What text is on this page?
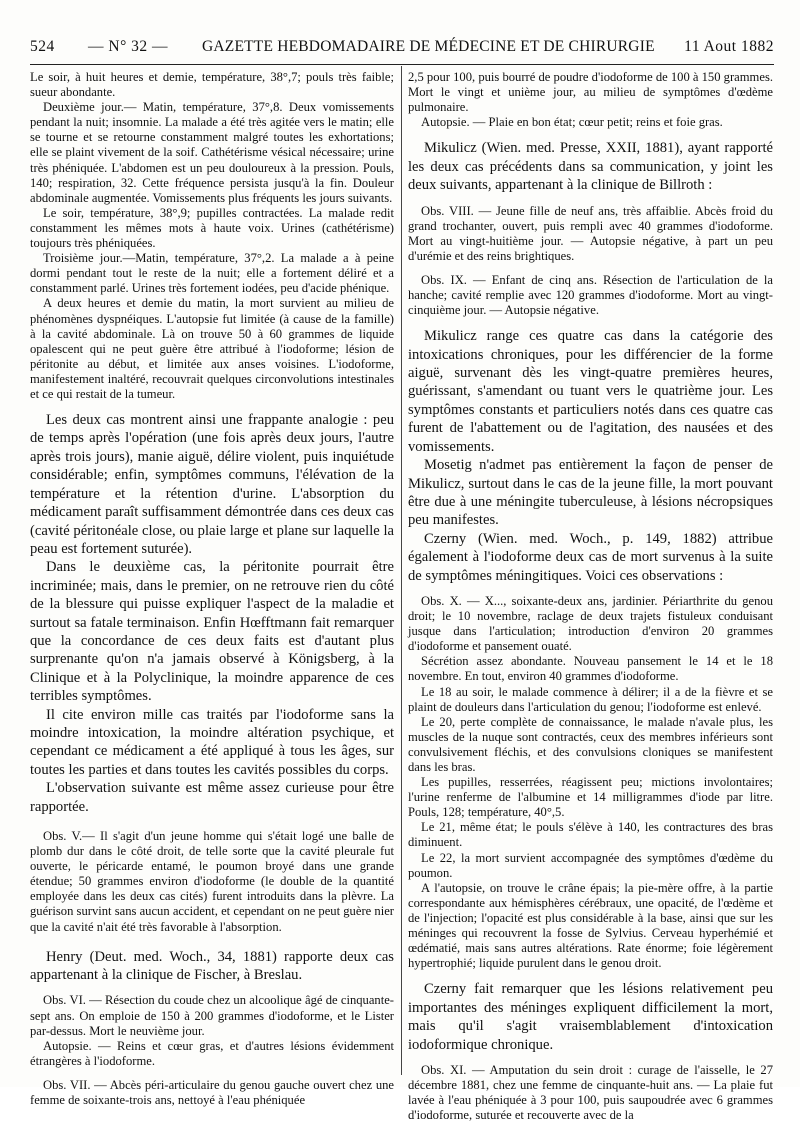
524 — N° 32 — GAZETTE HEBDOMADAIRE DE MÉDECINE ET DE CHIRURGIE 11 Aout 1882

Le soir, à huit heures et demie, température, 38°,7; pouls très faible; sueur abondante.

Deuxième jour.— Matin, température, 37°,8. Deux vomissements pendant la nuit; insomnie. La malade a été très agitée vers le matin; elle se tourne et se retourne constamment malgré toutes les exhortations; elle se plaint vivement de la soif. Cathétérisme vésical nécessaire; urine très phéniquée. L'abdomen est un peu douloureux à la pression. Pouls, 140; respiration, 32. Cette fréquence persista jusqu'à la fin. Douleur abdominale augmentée. Vomissements plus fréquents les jours suivants.

Le soir, température, 38°,9; pupilles contractées. La malade redit constamment les mêmes mots à haute voix. Urines (cathétérisme) toujours très phéniquées.

Troisième jour.—Matin, température, 37°,2. La malade a à peine dormi pendant tout le reste de la nuit; elle a fortement déliré et a constamment parlé. Urines très fortement iodées, peu d'acide phénique.

A deux heures et demie du matin, la mort survient au milieu de phénomènes dyspnéiques. L'autopsie fut limitée (à cause de la famille) à la cavité abdominale. Là on trouve 50 à 60 grammes de liquide opalescent qui ne peut guère être attribué à l'iodoforme; lésion de péritonite au début, et limitée aux anses voisines. L'iodoforme, manifestement inaltéré, recouvrait quelques circonvolutions intestinales et ce qui restait de la tumeur.

Les deux cas montrent ainsi une frappante analogie : peu de temps après l'opération (une fois après deux jours, l'autre après trois jours), manie aiguë, délire violent, puis inquiétude considérable; enfin, symptômes communs, l'élévation de la température et la rétention d'urine. L'absorption du médicament paraît suffisamment démontrée dans ces deux cas (cavité péritonéale close, ou plaie large et plane sur laquelle la peau est fortement suturée).

Dans le deuxième cas, la péritonite pourrait être incriminée; mais, dans le premier, on ne retrouve rien du côté de la blessure qui puisse expliquer l'aspect de la maladie et surtout sa fatale terminaison. Enfin Hœfftmann fait remarquer que la concordance de ces deux faits est d'autant plus surprenante qu'on n'a jamais observé à Königsberg, à la Clinique et à la Polyclinique, la moindre apparence de ces terribles symptômes.

Il cite environ mille cas traités par l'iodoforme sans la moindre intoxication, la moindre altération psychique, et cependant ce médicament a été appliqué à tous les âges, sur toutes les parties et dans toutes les cavités possibles du corps.

L'observation suivante est même assez curieuse pour être rapportée.

Obs. V.— Il s'agit d'un jeune homme qui s'était logé une balle de plomb dur dans le côté droit, de telle sorte que la cavité pleurale fut ouverte, le péricarde entamé, le poumon broyé dans une grande étendue; 50 grammes environ d'iodoforme (le double de la quantité employée dans les deux cas cités) furent introduits dans la plèvre. La guérison survint sans aucun accident, et cependant on ne peut guère nier que la cavité n'ait été très favorable à l'absorption.

Henry (Deut. med. Woch., 34, 1881) rapporte deux cas appartenant à la clinique de Fischer, à Breslau.

Obs. VI. — Résection du coude chez un alcoolique âgé de cinquante-sept ans. On emploie de 150 à 200 grammes d'iodoforme, et le Lister par-dessus. Mort le neuvième jour.

Autopsie. — Reins et cœur gras, et d'autres lésions évidemment étrangères à l'iodoforme.

Obs. VII. — Abcès péri-articulaire du genou gauche ouvert chez une femme de soixante-trois ans, nettoyé à l'eau phéniquée

2,5 pour 100, puis bourré de poudre d'iodoforme de 100 à 150 grammes. Mort le vingt et unième jour, au milieu de symptômes d'œdème pulmonaire.

Autopsie. — Plaie en bon état; cœur petit; reins et foie gras.

Mikulicz (Wien. med. Presse, XXII, 1881), ayant rapporté les deux cas précédents dans sa communication, y joint les deux suivants, appartenant à la clinique de Billroth :

Obs. VIII. — Jeune fille de neuf ans, très affaiblie. Abcès froid du grand trochanter, ouvert, puis rempli avec 40 grammes d'iodoforme. Mort au vingt-huitième jour. — Autopsie négative, à part un peu d'urémie et des reins brightiques.

Obs. IX. — Enfant de cinq ans. Résection de l'articulation de la hanche; cavité remplie avec 120 grammes d'iodoforme. Mort au vingt-cinquième jour. — Autopsie négative.

Mikulicz range ces quatre cas dans la catégorie des intoxications chroniques, pour les différencier de la forme aiguë, survenant dès les vingt-quatre premières heures, guérissant, s'amendant ou tuant vers le quatrième jour. Les symptômes constants et particuliers notés dans ces quatre cas furent de l'abattement ou de l'agitation, des nausées et des vomissements.

Mosetig n'admet pas entièrement la façon de penser de Mikulicz, surtout dans le cas de la jeune fille, la mort pouvant être due à une méningite tuberculeuse, à lésions nécropsiques peu manifestes.

Czerny (Wien. med. Woch., p. 149, 1882) attribue également à l'iodoforme deux cas de mort survenus à la suite de symptômes méningitiques. Voici ces observations :

Obs. X. — X..., soixante-deux ans, jardinier. Périarthrite du genou droit; le 10 novembre, raclage de deux trajets fistuleux conduisant jusque dans l'articulation; introduction d'environ 20 grammes d'iodoforme et pansement ouaté.

Sécrétion assez abondante. Nouveau pansement le 14 et le 18 novembre. En tout, environ 40 grammes d'iodoforme.

Le 18 au soir, le malade commence à délirer; il a de la fièvre et se plaint de douleurs dans l'articulation du genou; l'iodoforme est enlevé.

Le 20, perte complète de connaissance, le malade n'avale plus, les muscles de la nuque sont contractés, ceux des membres inférieurs sont convulsivement fléchis, et des convulsions cloniques se manifestent dans les bras.

Les pupilles, resserrées, réagissent peu; mictions involontaires; l'urine renferme de l'albumine et 14 milligrammes d'iode par litre. Pouls, 128; température, 40°,5.

Le 21, même état; le pouls s'élève à 140, les contractures des bras diminuent.

Le 22, la mort survient accompagnée des symptômes d'œdème du poumon.

A l'autopsie, on trouve le crâne épais; la pie-mère offre, à la partie correspondante aux hémisphères cérébraux, une opacité, de l'œdème et de l'injection; l'opacité est plus considérable à la base, ainsi que sur les méninges qui recouvrent la fosse de Sylvius. Cerveau hyperhémié et œdématié, mais sans autres altérations. Rate énorme; foie légèrement hypertrophié; liquide purulent dans le genou droit.

Czerny fait remarquer que les lésions relativement peu importantes des méninges expliquent difficilement la mort, mais qu'il s'agit vraisemblablement d'intoxication iodoformique chronique.

Obs. XI. — Amputation du sein droit : curage de l'aisselle, le 27 décembre 1881, chez une femme de cinquante-huit ans. — La plaie fut lavée à l'eau phéniquée à 3 pour 100, puis saupoudrée avec 6 grammes d'iodoforme, suturée et recouverte avec de la
